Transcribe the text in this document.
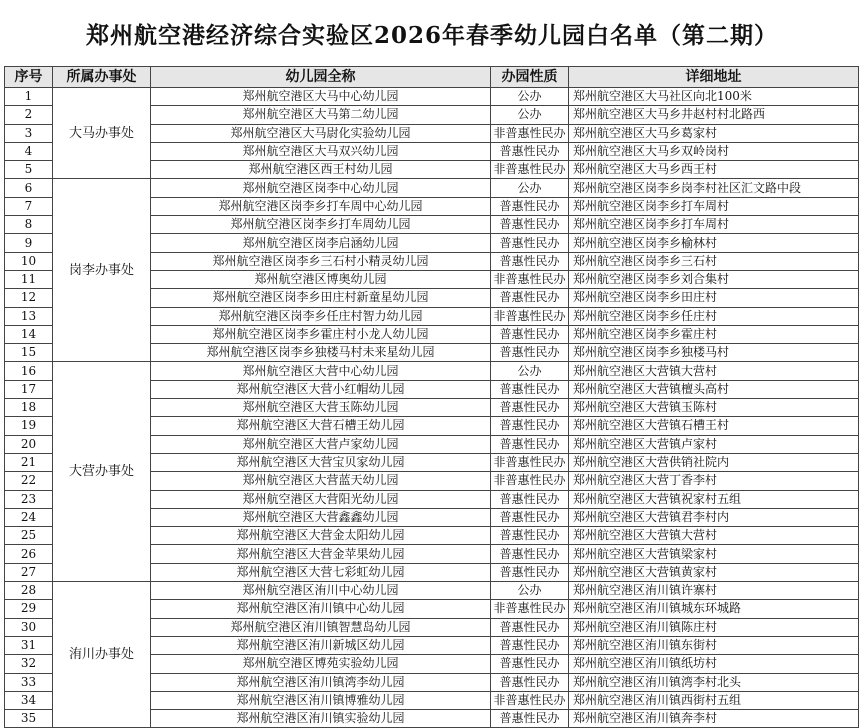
郑州航空港经济综合实验区2026年春季幼儿园白名单（第二期）
序号	所属办事处	幼儿园全称	办园性质	详细地址
1	大马办事处	郑州航空港区大马中心幼儿园	公办	郑州航空港区大马社区向北100米
2		郑州航空港区大马第二幼儿园	公办	郑州航空港区大马乡井赵村村北路西
3		郑州航空港区大马尉化实验幼儿园	非普惠性民办	郑州航空港区大马乡葛家村
4		郑州航空港区大马双兴幼儿园	普惠性民办	郑州航空港区大马乡双岭岗村
5		郑州航空港区西王村幼儿园	非普惠性民办	郑州航空港区大马乡西王村
6	岗李办事处	郑州航空港区岗李中心幼儿园	公办	郑州航空港区岗李乡岗李村社区汇文路中段
7		郑州航空港区岗李乡打车周中心幼儿园	普惠性民办	郑州航空港区岗李乡打车周村
8		郑州航空港区岗李乡打车周幼儿园	普惠性民办	郑州航空港区岗李乡打车周村
9		郑州航空港区岗李启涵幼儿园	普惠性民办	郑州航空港区岗李乡榆林村
10		郑州航空港区岗李乡三石村小精灵幼儿园	普惠性民办	郑州航空港区岗李乡三石村
11		郑州航空港区博奥幼儿园	非普惠性民办	郑州航空港区岗李乡刘合集村
12		郑州航空港区岗李乡田庄村新童星幼儿园	普惠性民办	郑州航空港区岗李乡田庄村
13		郑州航空港区岗李乡任庄村智力幼儿园	非普惠性民办	郑州航空港区岗李乡任庄村
14		郑州航空港区岗李乡霍庄村小龙人幼儿园	普惠性民办	郑州航空港区岗李乡霍庄村
15		郑州航空港区岗李乡独楼马村未来星幼儿园	普惠性民办	郑州航空港区岗李乡独楼马村
16	大营办事处	郑州航空港区大营中心幼儿园	公办	郑州航空港区大营镇大营村
17		郑州航空港区大营小红帽幼儿园	普惠性民办	郑州航空港区大营镇檀头高村
18		郑州航空港区大营玉陈幼儿园	普惠性民办	郑州航空港区大营镇玉陈村
19		郑州航空港区大营石槽王幼儿园	普惠性民办	郑州航空港区大营镇石槽王村
20		郑州航空港区大营卢家幼儿园	普惠性民办	郑州航空港区大营镇卢家村
21		郑州航空港区大营宝贝家幼儿园	非普惠性民办	郑州航空港区大营供销社院内
22		郑州航空港区大营蓝天幼儿园	非普惠性民办	郑州航空港区大营丁香李村
23		郑州航空港区大营阳光幼儿园	普惠性民办	郑州航空港区大营镇祝家村五组
24		郑州航空港区大营鑫鑫幼儿园	普惠性民办	郑州航空港区大营镇君李村内
25		郑州航空港区大营金太阳幼儿园	普惠性民办	郑州航空港区大营镇大营村
26		郑州航空港区大营金苹果幼儿园	普惠性民办	郑州航空港区大营镇梁家村
27		郑州航空港区大营七彩虹幼儿园	普惠性民办	郑州航空港区大营镇黄家村
28	洧川办事处	郑州航空港区洧川中心幼儿园	公办	郑州航空港区洧川镇许寨村
29		郑州航空港区洧川镇中心幼儿园	非普惠性民办	郑州航空港区洧川镇城东环城路
30		郑州航空港区洧川镇智慧岛幼儿园	普惠性民办	郑州航空港区洧川镇陈庄村
31		郑州航空港区洧川新城区幼儿园	普惠性民办	郑州航空港区洧川镇东街村
32		郑州航空港区博苑实验幼儿园	普惠性民办	郑州航空港区洧川镇纸坊村
33		郑州航空港区洧川镇湾李幼儿园	普惠性民办	郑州航空港区洧川镇湾李村北头
34		郑州航空港区洧川镇博雅幼儿园	非普惠性民办	郑州航空港区洧川镇西街村五组
35		郑州航空港区洧川镇实验幼儿园	普惠性民办	郑州航空港区洧川镇奔李村
